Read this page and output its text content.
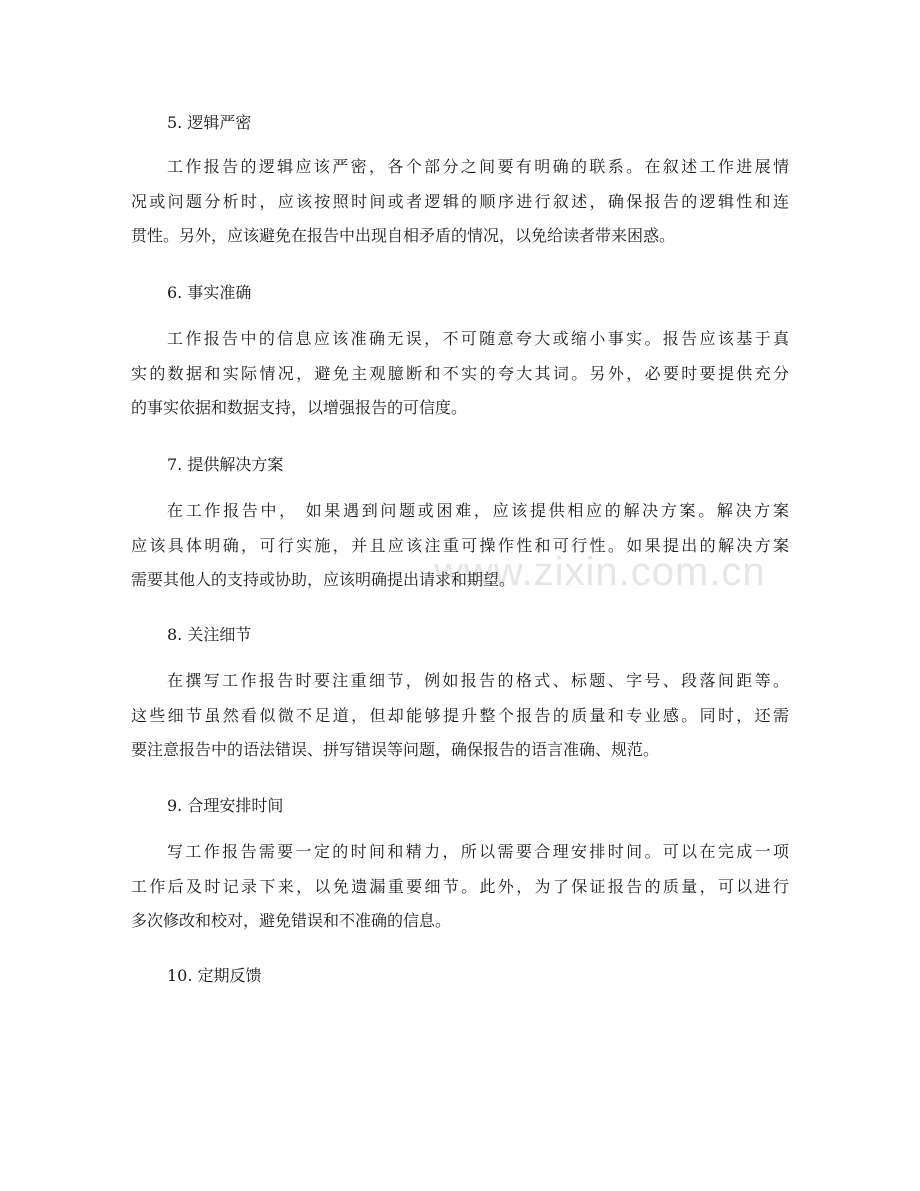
www.zixin.com.cn
5. 逻辑严密
工作报告的逻辑应该严密，各个部分之间要有明确的联系。在叙述工作进展情
况或问题分析时，应该按照时间或者逻辑的顺序进行叙述，确保报告的逻辑性和连
贯性。另外，应该避免在报告中出现自相矛盾的情况，以免给读者带来困惑。
6. 事实准确
工作报告中的信息应该准确无误，不可随意夸大或缩小事实。报告应该基于真
实的数据和实际情况，避免主观臆断和不实的夸大其词。另外，必要时要提供充分
的事实依据和数据支持，以增强报告的可信度。
7. 提供解决方案
在工作报告中， 如果遇到问题或困难，应该提供相应的解决方案。解决方案
应该具体明确，可行实施，并且应该注重可操作性和可行性。如果提出的解决方案
需要其他人的支持或协助，应该明确提出请求和期望。
8. 关注细节
在撰写工作报告时要注重细节，例如报告的格式、标题、字号、段落间距等。
这些细节虽然看似微不足道，但却能够提升整个报告的质量和专业感。同时，还需
要注意报告中的语法错误、拼写错误等问题，确保报告的语言准确、规范。
9. 合理安排时间
写工作报告需要一定的时间和精力，所以需要合理安排时间。可以在完成一项
工作后及时记录下来，以免遗漏重要细节。此外，为了保证报告的质量，可以进行
多次修改和校对，避免错误和不准确的信息。
10. 定期反馈
